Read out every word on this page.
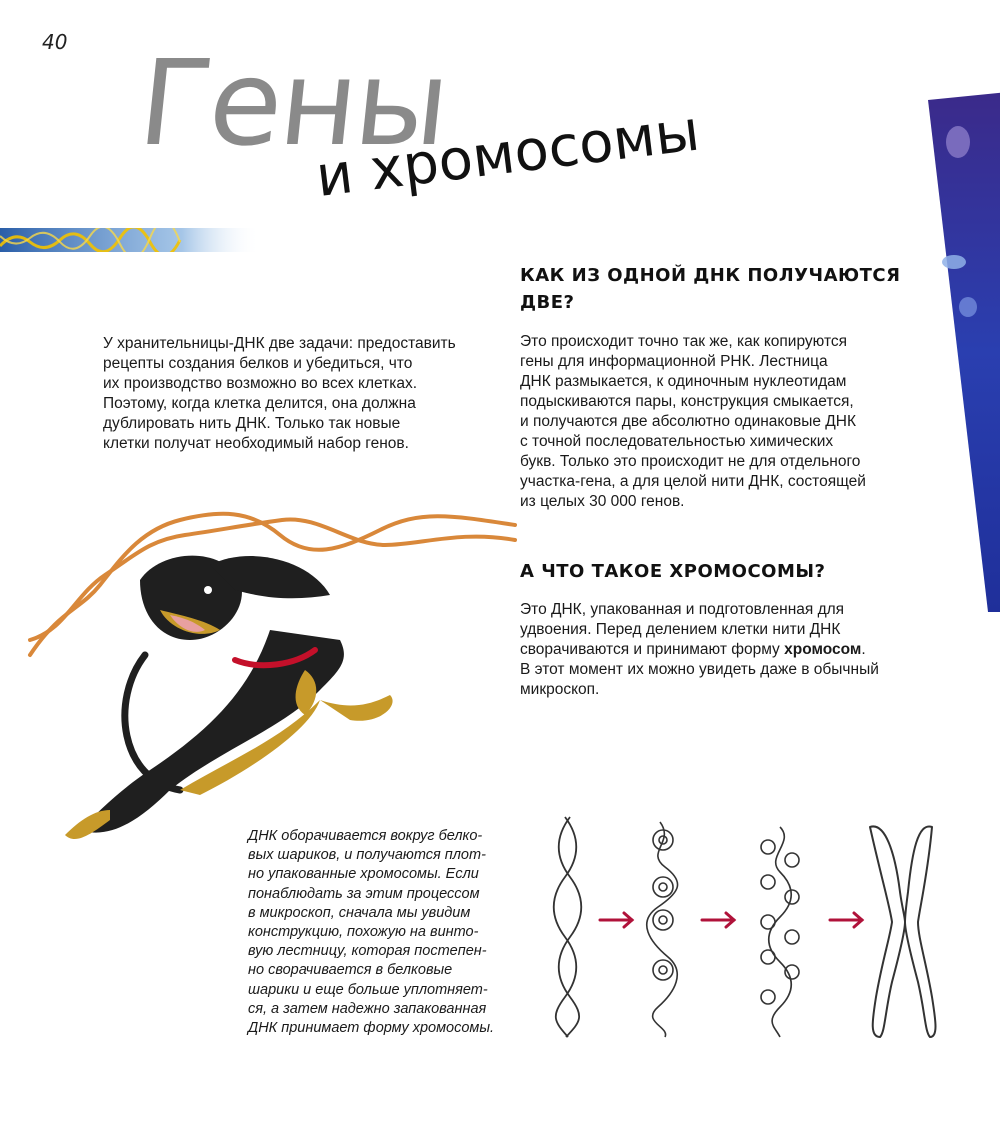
40 Гены
и хромосомы

У хранительницы-ДНК две задачи: предоставить

рецепты создания белков и убедиться, что

их производство возможно во всех клетках.

Поэтому, когда клетка делится, она должна

дублировать нить ДНК. Только так новые

клетки получат необходимый набор генов.

КАК ИЗ ОДНОЙ ДНК ПОЛУЧАЮТСЯ
ДВЕ?

Это происходит точно так же, как копируются

гены для информационной РНК. Лестница

ДНК размыкается, к одиночным нуклеотидам

подыскиваются пары, конструкция смыкается,

и получаются две абсолютно одинаковые ДНК

с точной последовательностью химических

букв. Только это происходит не для отдельного

участка-гена, а для целой нити ДНК, состоящей

из целых 30 000 генов.

А ЧТО ТАКОЕ ХРОМОСОМЫ?

Это ДНК, упакованная и подготовленная для

удвоения. Перед делением клетки нити ДНК

сворачиваются и принимают форму хромосом.

В этот момент их можно увидеть даже в обычный

микроскоп.

ДНК оборачивается вокруг белко-
вых шариков, и получаются плот-
но упакованные хромосомы. Если
понаблюдать за этим процессом
в микроскоп, сначала мы увидим
конструкцию, похожую на винто-
вую лестницу, которая постепен-
но сворачивается в белковые
шарики и еще больше уплотняет-
ся, а затем надежно запакованная
ДНК принимает форму хромосомы.
